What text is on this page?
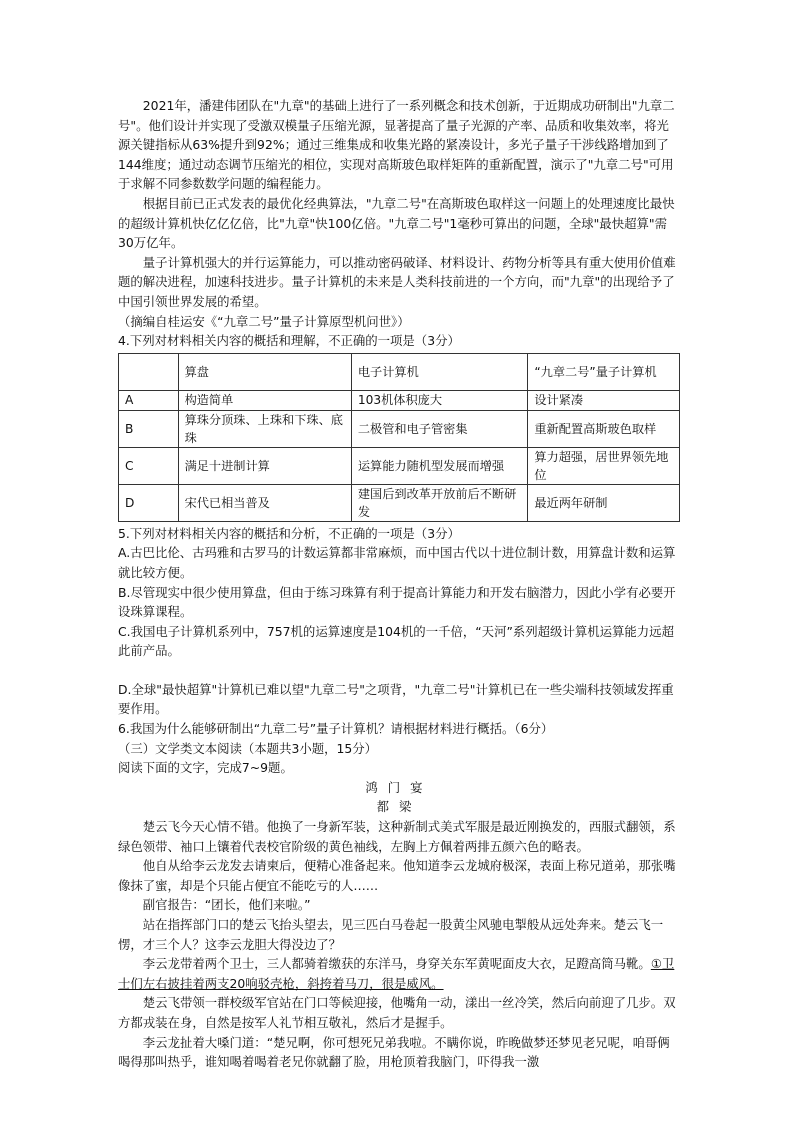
2021年，潘建伟团队在"九章"的基础上进行了一系列概念和技术创新，于近期成功研制出"九章二号"。他们设计并实现了受激双模量子压缩光源，显著提高了量子光源的产率、品质和收集效率，将光源关键指标从63%提升到92%；通过三维集成和收集光路的紧凑设计，多光子量子干涉线路增加到了144维度；通过动态调节压缩光的相位，实现对高斯玻色取样矩阵的重新配置，演示了"九章二号"可用于求解不同参数数学问题的编程能力。

根据目前已正式发表的最优化经典算法，"九章二号"在高斯玻色取样这一问题上的处理速度比最快的超级计算机快亿亿亿倍，比"九章"快100亿倍。"九章二号"1毫秒可算出的问题，全球"最快超算"需30万亿年。

量子计算机强大的并行运算能力，可以推动密码破译、材料设计、药物分析等具有重大使用价值难题的解决进程，加速科技进步。量子计算机的未来是人类科技前进的一个方向，而"九章"的出现给予了中国引领世界发展的希望。

（摘编自桂运安《“九章二号”量子计算原型机问世》）

4.下列对材料相关内容的概括和理解，不正确的一项是（3分）

	算盘	电子计算机	“九章二号”量子计算机
A	构造简单	103机体积庞大	设计紧凑
B	算珠分顶珠、上珠和下珠、底珠	二极管和电子管密集	重新配置高斯玻色取样
C	满足十进制计算	运算能力随机型发展而增强	算力超强，居世界领先地位
D	宋代已相当普及	建国后到改革开放前后不断研发	最近两年研制

5.下列对材料相关内容的概括和分析，不正确的一项是（3分）

A.古巴比伦、古玛雅和古罗马的计数运算都非常麻烦，而中国古代以十进位制计数，用算盘计数和运算就比较方便。

B.尽管现实中很少使用算盘，但由于练习珠算有利于提高计算能力和开发右脑潜力，因此小学有必要开设珠算课程。

C.我国电子计算机系列中，757机的运算速度是104机的一千倍，“天河”系列超级计算机运算能力远超此前产品。

D.全球"最快超算"计算机已难以望"九章二号"之项背，"九章二号"计算机已在一些尖端科技领域发挥重要作用。

6.我国为什么能够研制出“九章二号”量子计算机？请根据材料进行概括。（6分）

（三）文学类文本阅读（本题共3小题，15分）

阅读下面的文字，完成7~9题。

鸿门宴

都梁

楚云飞今天心情不错。他换了一身新军装，这种新制式美式军服是最近刚换发的，西服式翻领，系绿色领带、袖口上镶着代表校官阶级的黄色袖线，左胸上方佩着两排五颜六色的略表。

他自从给李云龙发去请柬后，便精心准备起来。他知道李云龙城府极深，表面上称兄道弟，那张嘴像抹了蜜，却是个只能占便宜不能吃亏的人……

副官报告：“团长，他们来啦。”

站在指挥部门口的楚云飞抬头望去，见三匹白马卷起一股黄尘风驰电掣般从远处奔来。楚云飞一愣，才三个人？这李云龙胆大得没边了？

李云龙带着两个卫士，三人都骑着缴获的东洋马，身穿关东军黄呢面皮大衣，足蹬高筒马靴。①卫士们左右披挂着两支20响驳壳枪，斜挎着马刀，很是威风。

楚云飞带领一群校级军官站在门口等候迎接，他嘴角一动，漾出一丝冷笑，然后向前迎了几步。双方都戎装在身，自然是按军人礼节相互敬礼，然后才是握手。

李云龙扯着大嗓门道：“楚兄啊，你可想死兄弟我啦。不瞒你说，昨晚做梦还梦见老兄呢，咱哥俩喝得那叫热乎，谁知喝着喝着老兄你就翻了脸，用枪顶着我脑门，吓得我一激
